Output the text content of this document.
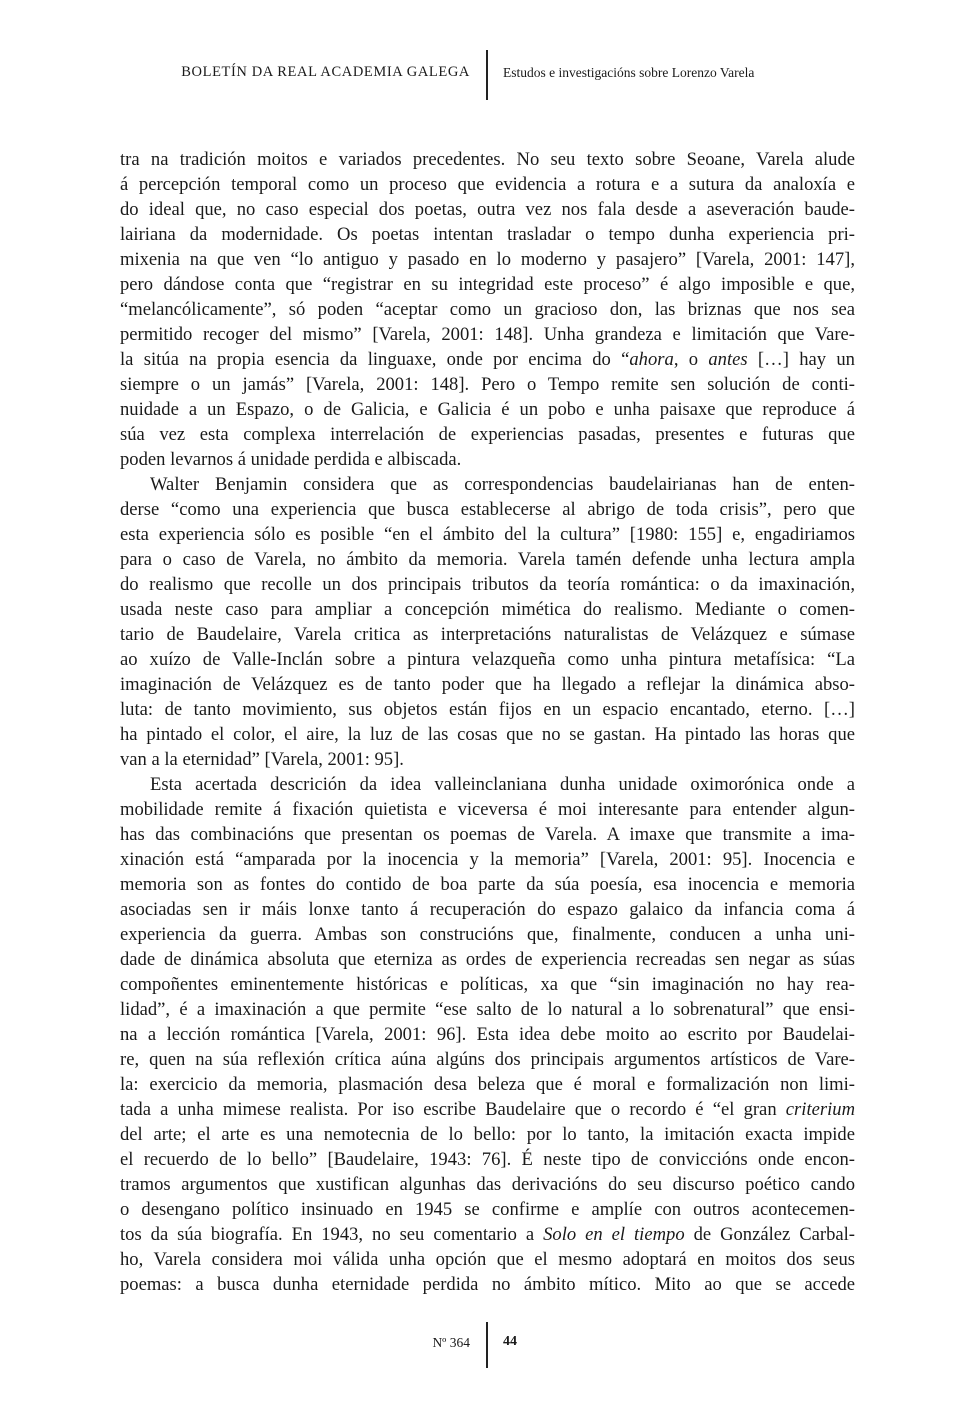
BOLETÍN DA REAL ACADEMIA GALEGA Estudos e investigacións sobre Lorenzo Varela
tra na tradición moitos e variados precedentes. No seu texto sobre Seoane, Varela alude
á percepción temporal como un proceso que evidencia a rotura e a sutura da analoxía e
do ideal que, no caso especial dos poetas, outra vez nos fala desde a aseveración baude-
lairiana da modernidade. Os poetas intentan trasladar o tempo dunha experiencia pri-
mixenia na que ven “lo antiguo y pasado en lo moderno y pasajero” [Varela, 2001: 147],
pero dándose conta que “registrar en su integridad este proceso” é algo imposible e que,
“melancólicamente”, só poden “aceptar como un gracioso don, las briznas que nos sea
permitido recoger del mismo” [Varela, 2001: 148]. Unha grandeza e limitación que Vare-
la sitúa na propia esencia da linguaxe, onde por encima do “ahora, o antes […] hay un
siempre o un jamás” [Varela, 2001: 148]. Pero o Tempo remite sen solución de conti-
nuidade a un Espazo, o de Galicia, e Galicia é un pobo e unha paisaxe que reproduce á
súa vez esta complexa interrelación de experiencias pasadas, presentes e futuras que
poden levarnos á unidade perdida e albiscada.
Walter Benjamin considera que as correspondencias baudelairianas han de enten-
derse “como una experiencia que busca establecerse al abrigo de toda crisis”, pero que
esta experiencia sólo es posible “en el ámbito del la cultura” [1980: 155] e, engadiriamos
para o caso de Varela, no ámbito da memoria. Varela tamén defende unha lectura ampla
do realismo que recolle un dos principais tributos da teoría romántica: o da imaxinación,
usada neste caso para ampliar a concepción mimética do realismo. Mediante o comen-
tario de Baudelaire, Varela critica as interpretacións naturalistas de Velázquez e súmase
ao xuízo de Valle-Inclán sobre a pintura velazqueña como unha pintura metafísica: “La
imaginación de Velázquez es de tanto poder que ha llegado a reflejar la dinámica abso-
luta: de tanto movimiento, sus objetos están fijos en un espacio encantado, eterno. […]
ha pintado el color, el aire, la luz de las cosas que no se gastan. Ha pintado las horas que
van a la eternidad” [Varela, 2001: 95].
Esta acertada descrición da idea valleinclaniana dunha unidade oximorónica onde a
mobilidade remite á fixación quietista e viceversa é moi interesante para entender algun-
has das combinacións que presentan os poemas de Varela. A imaxe que transmite a ima-
xinación está “amparada por la inocencia y la memoria” [Varela, 2001: 95]. Inocencia e
memoria son as fontes do contido de boa parte da súa poesía, esa inocencia e memoria
asociadas sen ir máis lonxe tanto á recuperación do espazo galaico da infancia coma á
experiencia da guerra. Ambas son construcións que, finalmente, conducen a unha uni-
dade de dinámica absoluta que eterniza as ordes de experiencia recreadas sen negar as súas
compoñentes eminentemente históricas e políticas, xa que “sin imaginación no hay rea-
lidad”, é a imaxinación a que permite “ese salto de lo natural a lo sobrenatural” que ensi-
na a lección romántica [Varela, 2001: 96]. Esta idea debe moito ao escrito por Baudelai-
re, quen na súa reflexión crítica aúna algúns dos principais argumentos artísticos de Vare-
la: exercicio da memoria, plasmación desa beleza que é moral e formalización non limi-
tada a unha mimese realista. Por iso escribe Baudelaire que o recordo é “el gran criterium
del arte; el arte es una nemotecnia de lo bello: por lo tanto, la imitación exacta impide
el recuerdo de lo bello” [Baudelaire, 1943: 76]. É neste tipo de conviccións onde encon-
tramos argumentos que xustifican algunhas das derivacións do seu discurso poético cando
o desengano político insinuado en 1945 se confirme e amplíe con outros acontecemen-
tos da súa biografía. En 1943, no seu comentario a Solo en el tiempo de González Carbal-
ho, Varela considera moi válida unha opción que el mesmo adoptará en moitos dos seus
poemas: a busca dunha eternidade perdida no ámbito mítico. Mito ao que se accede
Nº 364 44
